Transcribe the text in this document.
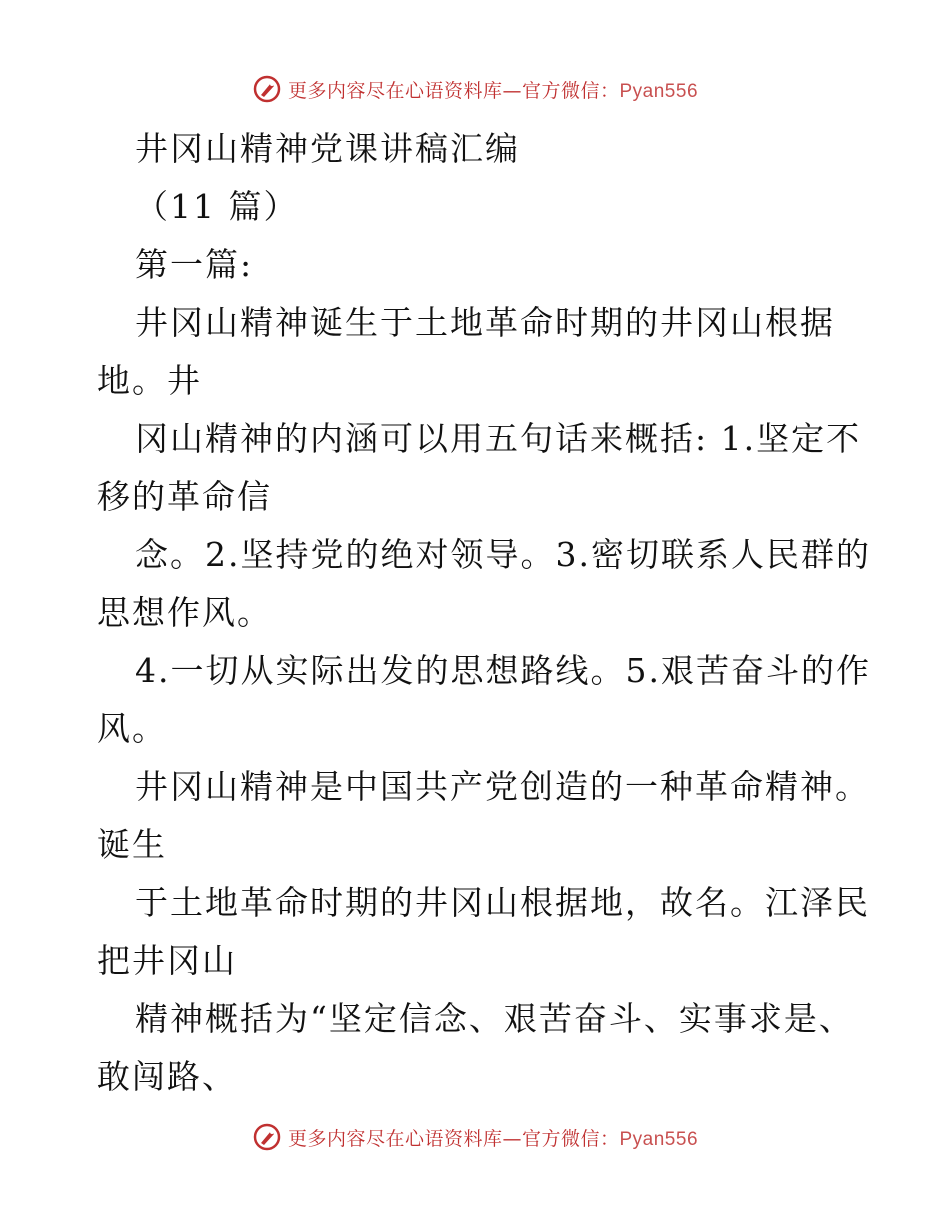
更多内容尽在心语资料库—官方微信：Pyan556
井冈山精神党课讲稿汇编
（11 篇）
第一篇:
井冈山精神诞生于土地革命时期的井冈山根据
地。井
冈山精神的内涵可以用五句话来概括: 1.坚定不
移的革命信
念。2.坚持党的绝对领导。3.密切联系人民群的
思想作风。
4.一切从实际出发的思想路线。5.艰苦奋斗的作
风。
井冈山精神是中国共产党创造的一种革命精神。
诞生
于土地革命时期的井冈山根据地，故名。江泽民
把井冈山
精神概括为“坚定信念、艰苦奋斗、实事求是、
敢闯路、
更多内容尽在心语资料库—官方微信：Pyan556
